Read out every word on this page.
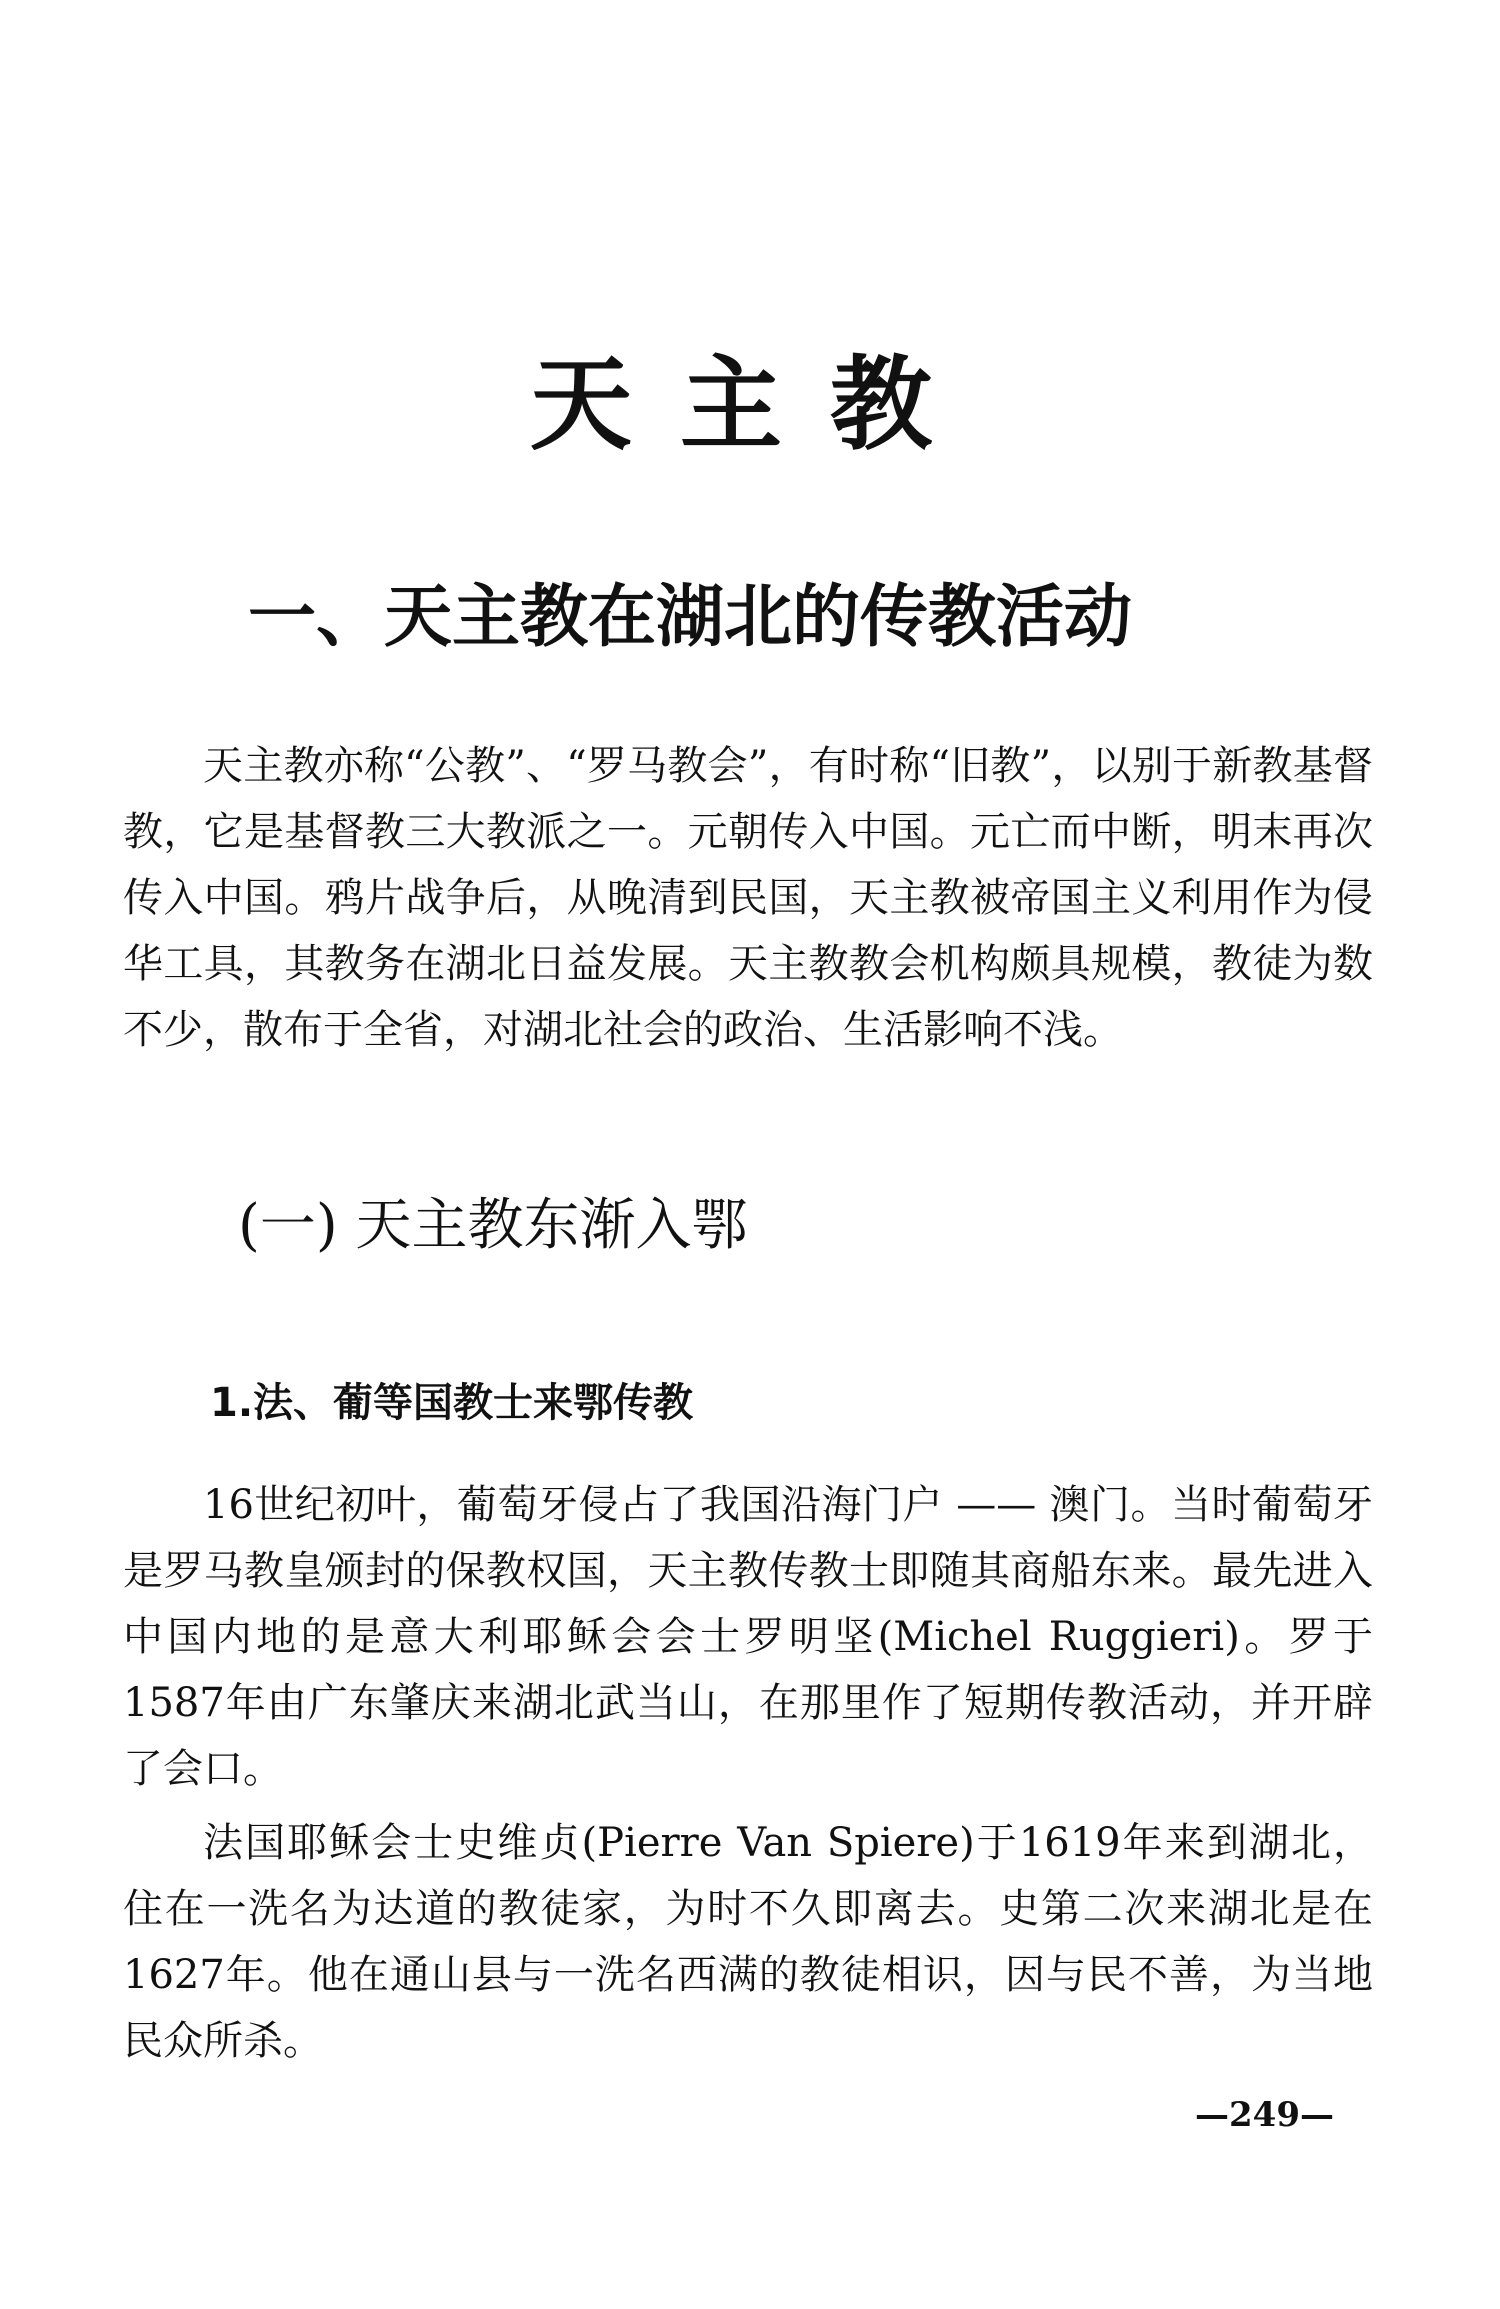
天主教
一、天主教在湖北的传教活动

天主教亦称“公教”、“罗马教会”，有时称“旧教”，以别于新教基督教，它是基督教三大教派之一。元朝传入中国。元亡而中断，明末再次传入中国。鸦片战争后，从晚清到民国，天主教被帝国主义利用作为侵华工具，其教务在湖北日益发展。天主教教会机构颇具规模，教徒为数不少，散布于全省，对湖北社会的政治、生活影响不浅。

(一) 天主教东渐入鄂
1.法、葡等国教士来鄂传教

16世纪初叶，葡萄牙侵占了我国沿海门户 —— 澳门。当时葡萄牙是罗马教皇颁封的保教权国，天主教传教士即随其商船东来。最先进入中国内地的是意大利耶稣会会士罗明坚(Michel Ruggieri)。罗于1587年由广东肇庆来湖北武当山，在那里作了短期传教活动，并开辟了会口。

法国耶稣会士史维贞(Pierre Van Spiere)于1619年来到湖北，住在一洗名为达道的教徒家，为时不久即离去。史第二次来湖北是在1627年。他在通山县与一洗名西满的教徒相识，因与民不善，为当地民众所杀。

—249—
